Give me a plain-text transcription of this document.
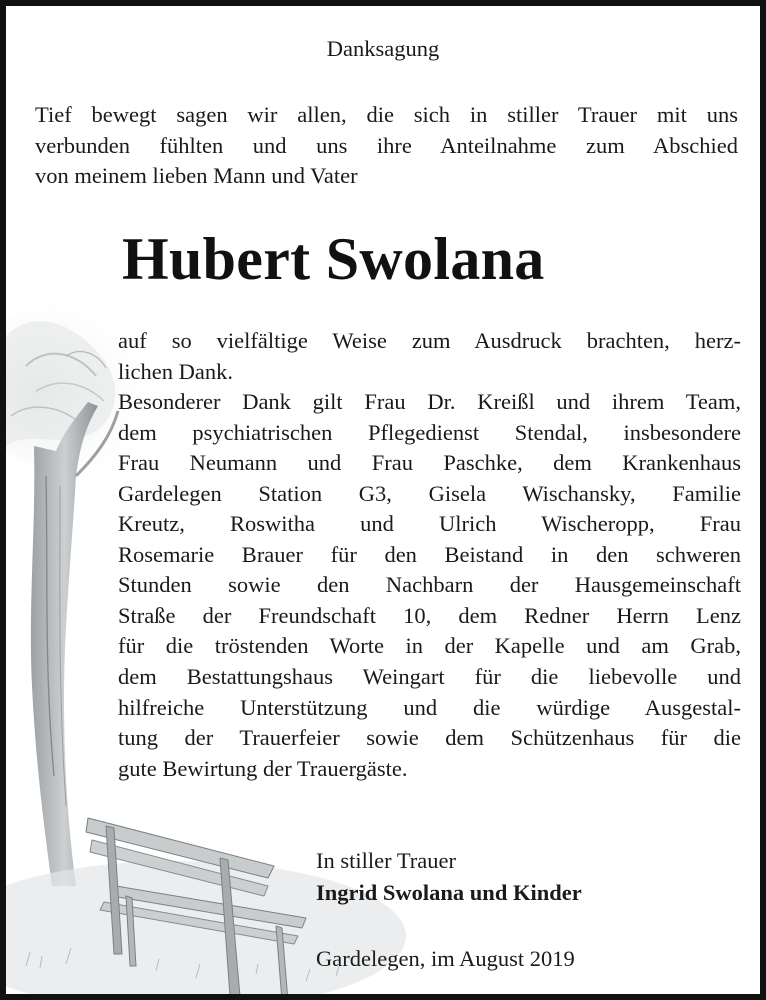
Danksagung
Tief bewegt sagen wir allen, die sich in stiller Trauer mit uns
verbunden fühlten und uns ihre Anteilnahme zum Abschied
von meinem lieben Mann und Vater
Hubert Swolana
auf so vielfältige Weise zum Ausdruck brachten, herz-
lichen Dank.
Besonderer Dank gilt Frau Dr. Kreißl und ihrem Team,
dem psychiatrischen Pflegedienst Stendal, insbesondere
Frau Neumann und Frau Paschke, dem Krankenhaus
Gardelegen Station G3, Gisela Wischansky, Familie
Kreutz, Roswitha und Ulrich Wischeropp, Frau
Rosemarie Brauer für den Beistand in den schweren
Stunden sowie den Nachbarn der Hausgemeinschaft
Straße der Freundschaft 10, dem Redner Herrn Lenz
für die tröstenden Worte in der Kapelle und am Grab,
dem Bestattungshaus Weingart für die liebevolle und
hilfreiche Unterstützung und die würdige Ausgestal-
tung der Trauerfeier sowie dem Schützenhaus für die
gute Bewirtung der Trauergäste.
In stiller Trauer
Ingrid Swolana und Kinder
Gardelegen, im August 2019
